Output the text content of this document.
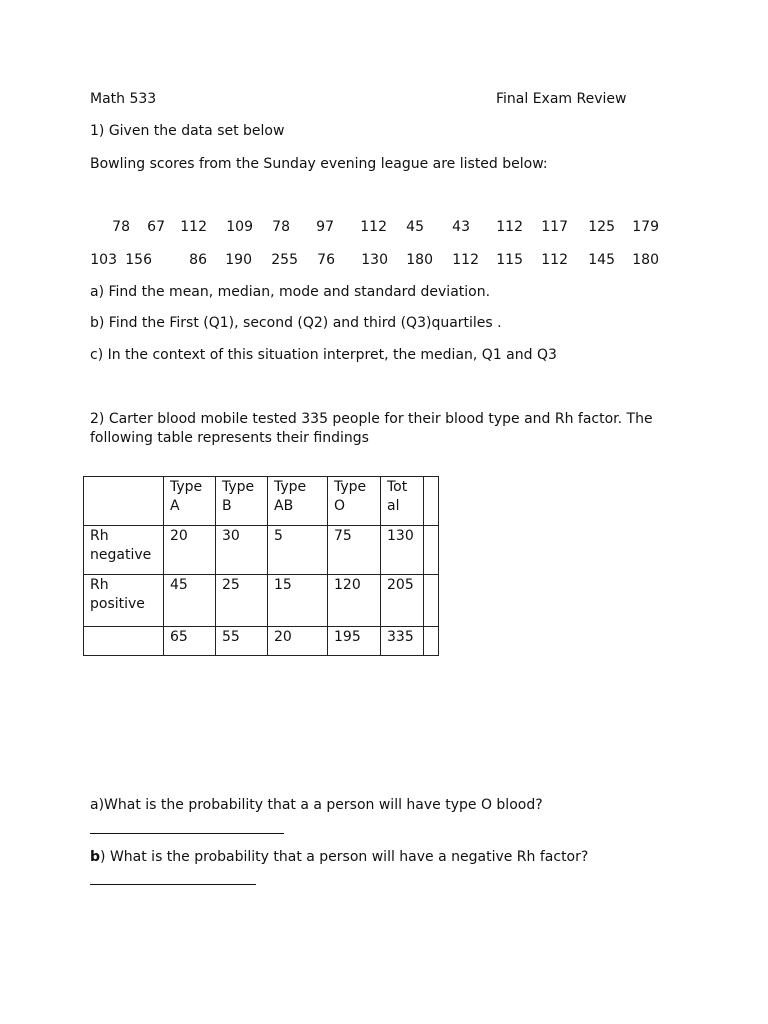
Math 533	Final Exam Review
1) Given the data set below
Bowling scores from the Sunday evening league are listed below:
78	67	112	109	78	97	112	45	43	112	117	125	179
103 156	86	190	255	76	130	180	112	115	112	145	180
a) Find the mean, median, mode and standard deviation.
b) Find the First (Q1), second (Q2) and third (Q3)quartiles .
c) In the context of this situation interpret, the median, Q1 and Q3
2) Carter blood mobile tested 335 people for their blood type and Rh factor. The
following table represents their findings

	Type
A	Type
B	Type
AB	Type
O	Tot
al	

Rh
negative	20	30	5	75	130	
Rh
positive	45	25	15	120	205	
	65	55	20	195	335	
a)What is the probability that a a person will have type O blood?
b) What is the probability that a person will have a negative Rh factor?
